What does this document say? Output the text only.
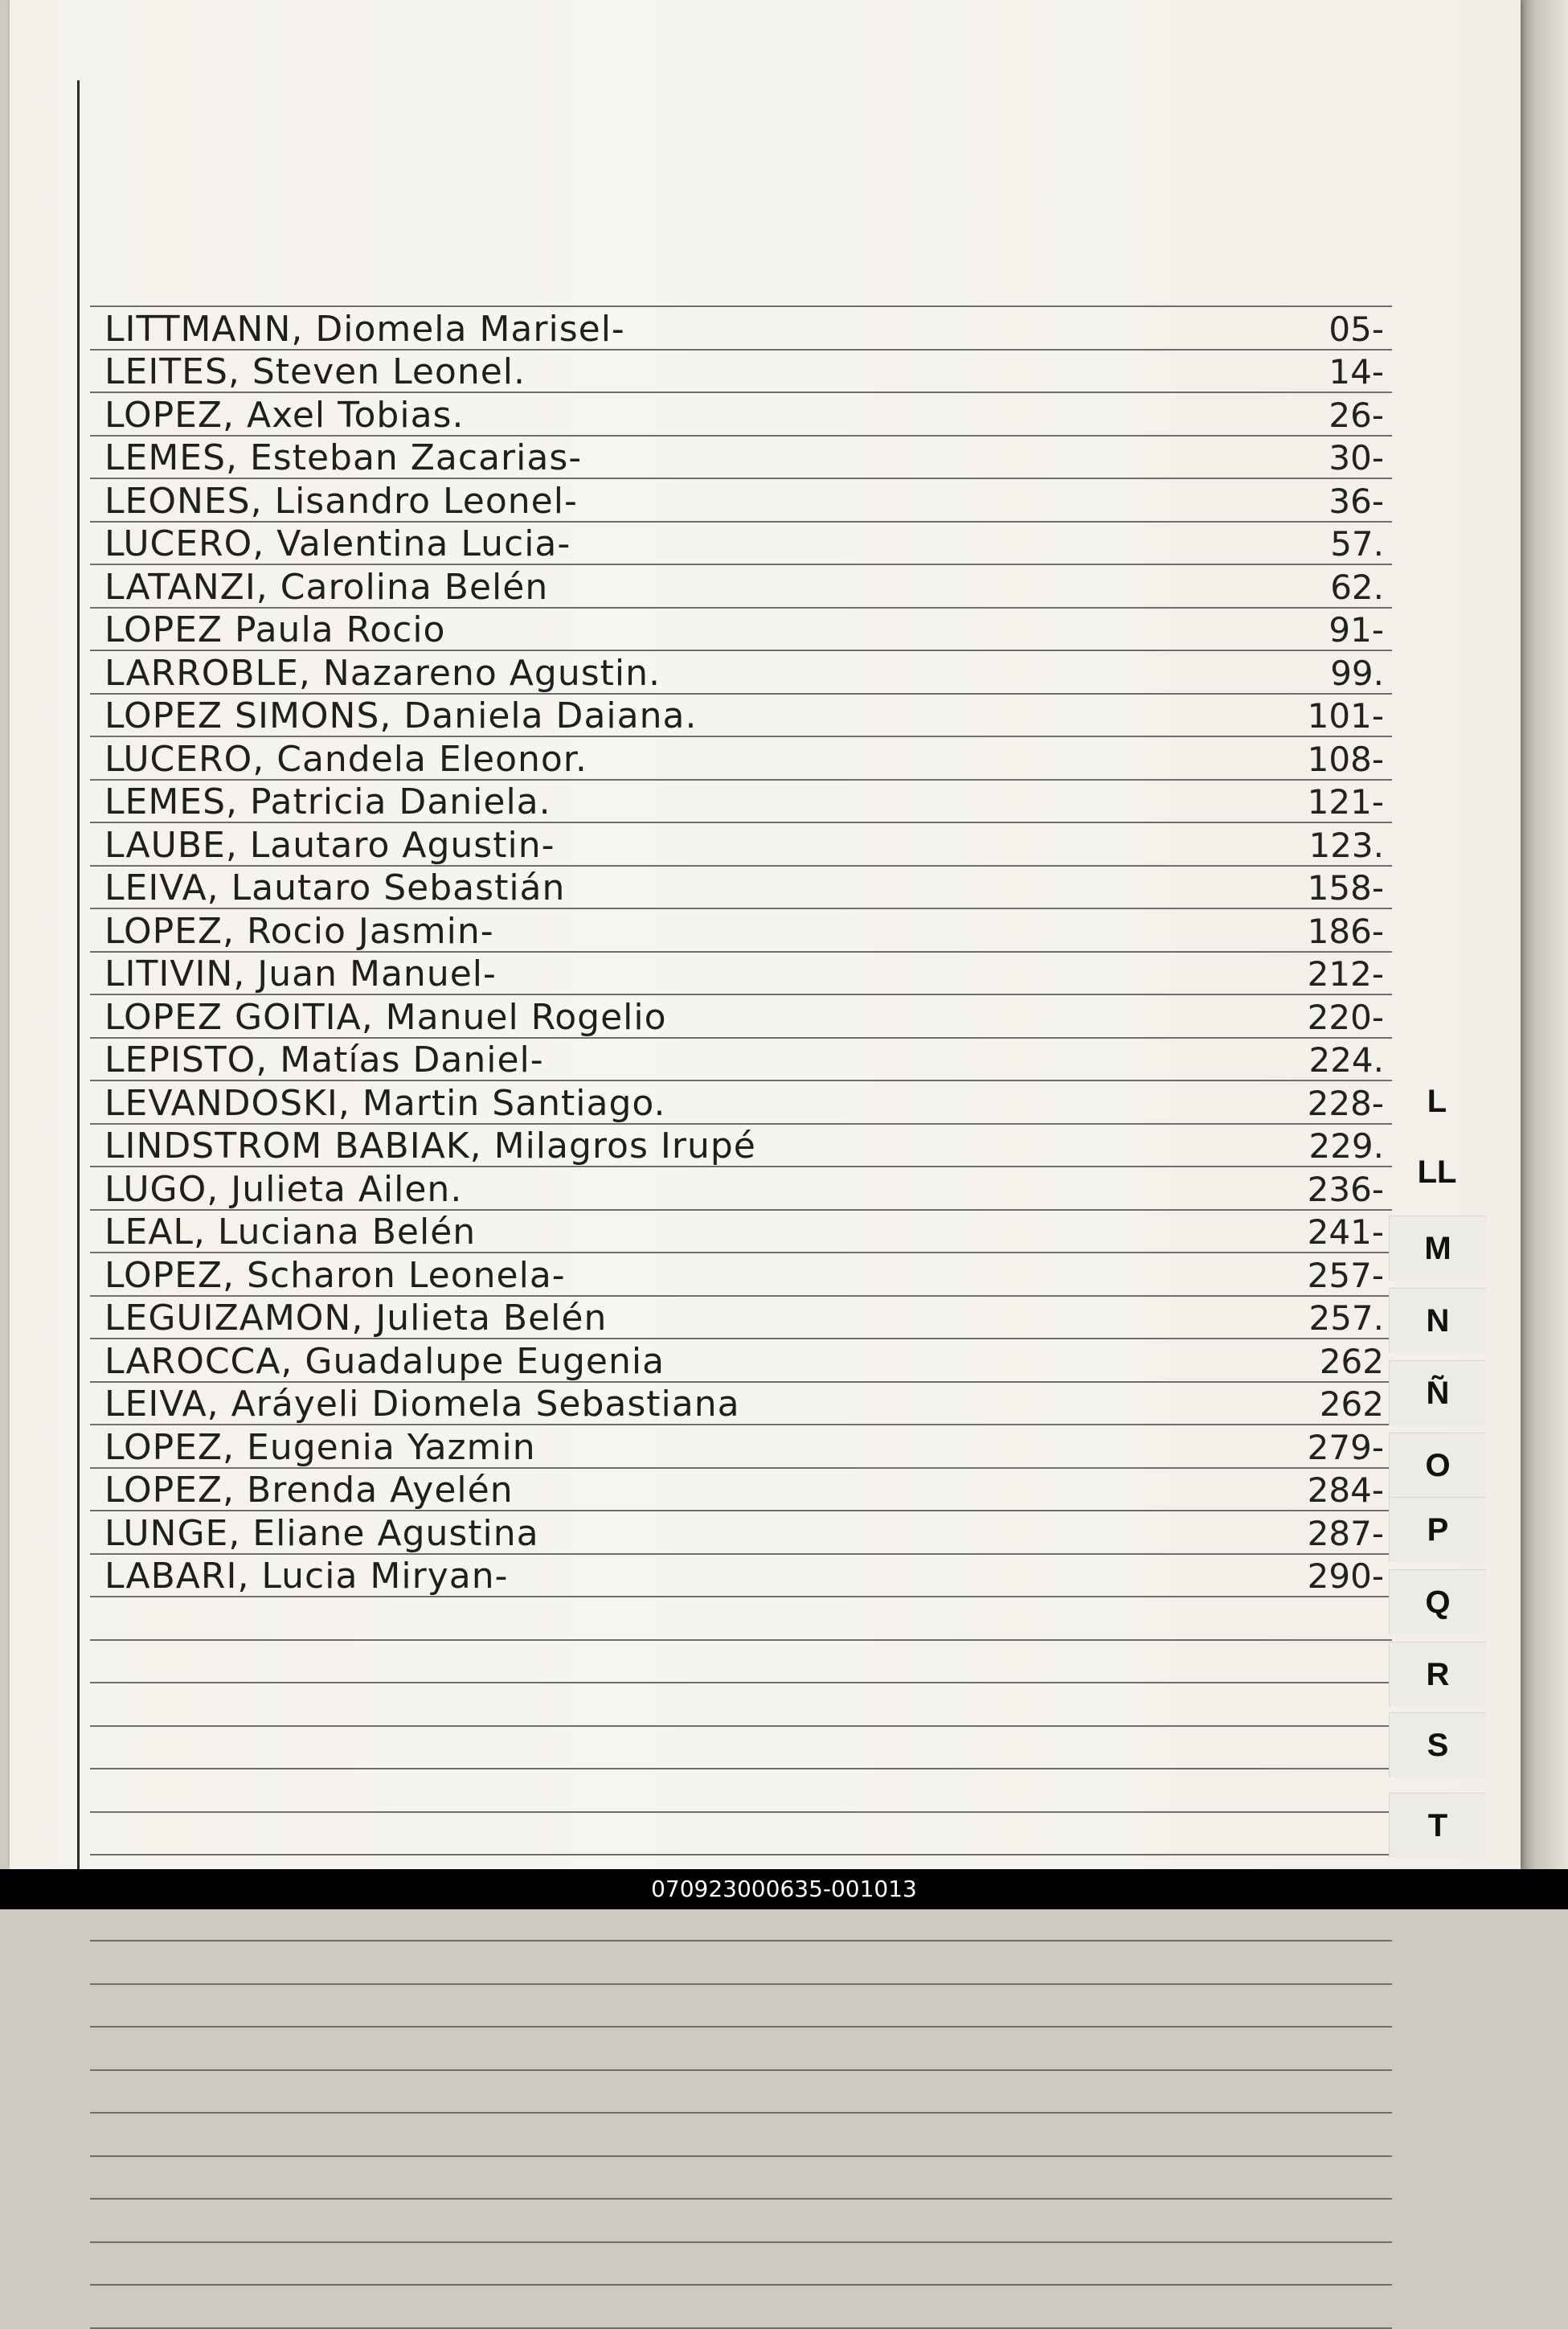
LITTMANN, Diomela Marisel-	05-
LEITES, Steven Leonel.	14-
LOPEZ, Axel Tobias.	26-
LEMES, Esteban Zacarias-	30-
LEONES, Lisandro Leonel-	36-
LUCERO, Valentina Lucia-	57.
LATANZI, Carolina Belén	62.
LOPEZ Paula Rocio	91-
LARROBLE, Nazareno Agustin.	99.
LOPEZ SIMONS, Daniela Daiana.	101-
LUCERO, Candela Eleonor.	108-
LEMES, Patricia Daniela.	121-
LAUBE, Lautaro Agustin-	123.
LEIVA, Lautaro Sebastián	158-
LOPEZ, Rocio Jasmin-	186-
LITIVIN, Juan Manuel-	212-
LOPEZ GOITIA, Manuel Rogelio	220-
LEPISTO, Matías Daniel-	224.
LEVANDOSKI, Martin Santiago.	228-
LINDSTROM BABIAK, Milagros Irupé	229.
LUGO, Julieta Ailen.	236-
LEAL, Luciana Belén	241-
LOPEZ, Scharon Leonela-	257-
LEGUIZAMON, Julieta Belén	257.
LAROCCA, Guadalupe Eugenia	262
LEIVA, Aráyeli Diomela Sebastiana	262
LOPEZ, Eugenia Yazmin	279-
LOPEZ, Brenda Ayelén	284-
LUNGE, Eliane Agustina	287-
LABARI, Lucia Miryan-	290-
L
LL
M
N
Ñ
O
P
Q
R
S
T
070923000635-001013
